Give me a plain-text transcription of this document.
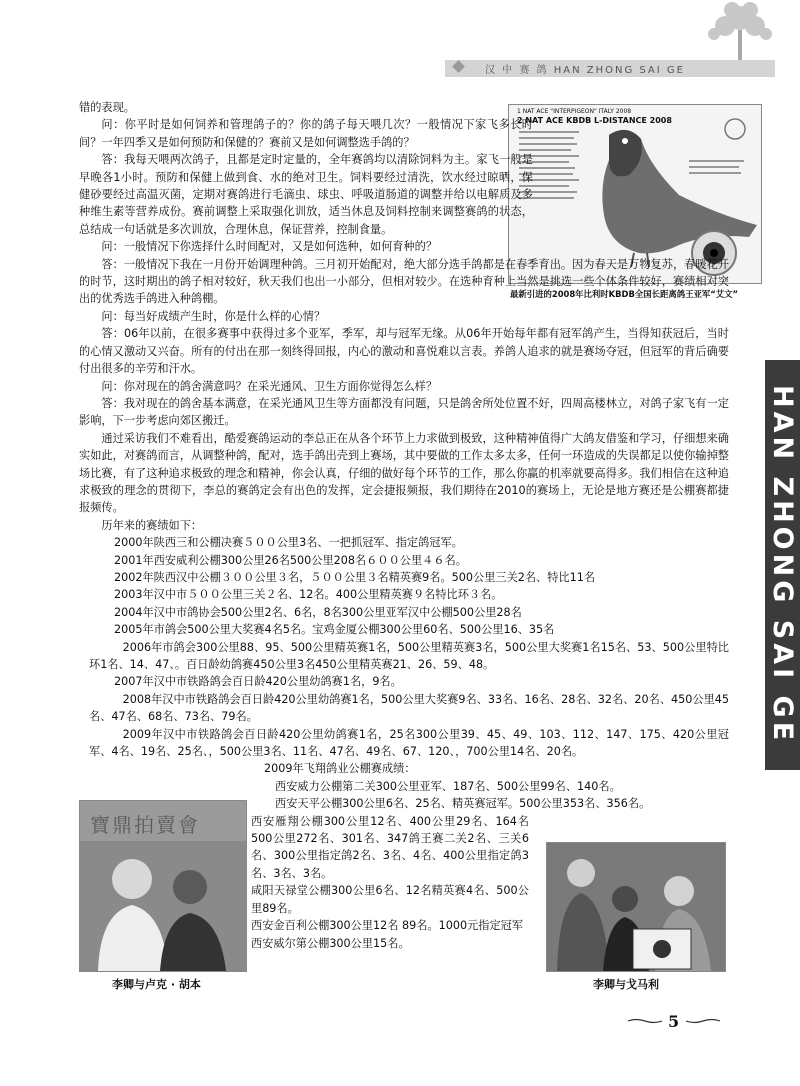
汉 中 赛 鸽 HAN ZHONG SAI GE
HAN ZHONG SAI GE
1 NAT ACE "INTERPIGEON" ITALY 2008
2 NAT ACE KBDB L-DISTANCE 2008
最新引进的2008年比利时KBDB全国长距离鸽王亚军“艾文”

错的表现。

问：你平时是如何饲养和管理鸽子的？你的鸽子每天喂几次？一般情况下家飞多长时间？一年四季又是如何预防和保健的？赛前又是如何调整选手鸽的？

答：我每天喂两次鸽子，且都是定时定量的，全年赛鸽均以清除饲料为主。家飞一般是早晚各1小时。预防和保健上做到食、水的绝对卫生。饲料要经过清洗，饮水经过晾晒，保健砂要经过高温灭菌，定期对赛鸽进行毛滴虫、球虫、呼吸道肠道的调整并给以电解质及多种维生素等营养成份。赛前调整上采取强化训放，适当休息及饲料控制来调整赛鸽的状态，总结成一句话就是多次训放，合理休息，保证营养，控制食量。

问：一般情况下你选择什么时间配对，又是如何选种，如何育种的？

答：一般情况下我在一月份开始调理种鸽。三月初开始配对，绝大部分选手鸽都是在春季育出。因为春天是万物复苏，春暖花开的时节，这时期出的鸽子相对较好，秋天我们也出一小部分，但相对较少。在选种育种上当然是挑选一些个体条件较好，赛绩相对突出的优秀选手鸽进入种鸽棚。

问：每当好成绩产生时，你是什么样的心情？

答：06年以前，在很多赛事中获得过多个亚军，季军，却与冠军无缘。从06年开始每年都有冠军鸽产生，当得知获冠后，当时的心情又激动又兴奋。所有的付出在那一刻终得回报，内心的激动和喜悦难以言表。养鸽人追求的就是赛场夺冠，但冠军的背后确要付出很多的辛劳和汗水。

问：你对现在的鸽舍满意吗？在采光通风、卫生方面你觉得怎么样？

答：我对现在的鸽舍基本满意，在采光通风卫生等方面都没有问题，只是鸽舍所处位置不好，四周高楼林立，对鸽子家飞有一定影响，下一步考虑向郊区搬迁。

通过采访我们不难看出，酷爱赛鸽运动的李总正在从各个环节上力求做到极致，这种精神值得广大鸽友借鉴和学习，仔细想来确实如此，对赛鸽而言，从调整种鸽，配对，选手鸽出壳到上赛场，其中要做的工作太多太多，任何一环造成的失误都足以使你输掉整场比赛，有了这种追求极致的理念和精神，你会认真，仔细的做好每个环节的工作，那么你赢的机率就要高得多。我们相信在这种追求极致的理念的贯彻下，李总的赛鸽定会有出色的发挥，定会捷报频报，我们期待在2010的赛场上，无论是地方赛还是公棚赛都捷报频传。

历年来的赛绩如下：

2000年陕西三和公棚决赛５００公里3名、一把抓冠军、指定鸽冠军。

2001年西安威利公棚300公里26名500公里208名６００公里４６名。

2002年陕西汉中公棚３００公里３名，５００公里３名精英赛9名。500公里三关2名、特比11名

2003年汉中市５００公里三关２名、12名。400公里精英赛９名特比环３名。

2004年汉中市鸽协会500公里2名、6名，8名300公里亚军汉中公棚500公里28名

2005年市鸽会500公里大奖赛4名5名。宝鸡金厦公棚300公里60名、500公里16、35名

2006年市鸽会300公里88、95、500公里精英赛1名，500公里精英赛3名，500公里大奖赛1名15名、53、500公里特比环1名、14、47、。百日龄幼鸽赛450公里3名450公里精英赛21、26、59、48。

2007年汉中市铁路鸽会百日龄420公里幼鸽赛1名，9名。

2008年汉中市铁路鸽会百日龄420公里幼鸽赛1名，500公里大奖赛9名、33名、16名、28名、32名、20名、450公里45名、47名、68名、73名、79名。

2009年汉中市铁路鸽会百日龄420公里幼鸽赛1名，25名300公里39、45、49、103、112、147、175、420公里冠军、4名、19名、25名、，500公里3名、11名、47名、49名、67、120、，700公里14名、20名。

2009年飞翔鸽业公棚赛成绩：

西安威力公棚第二关300公里亚军、187名、500公里99名、140名。

西安天平公棚300公里6名、25名、精英赛冠军。500公里353名、356名。

西安雁翔公棚300公里12名、400公里29名、164名500公里272名、301名、347鸽王赛二关2名、三关6名、300公里指定鸽2名、3名、4名、400公里指定鸽3名、3名、3名。

咸阳天禄堂公棚300公里6名、12名精英赛4名、500公里89名。

西安金百利公棚300公里12名 89名。1000元指定冠军

西安威尔第公棚300公里15名。

寶鼎拍賣會
李卿与卢克 · 胡本	李卿与戈马利
5
